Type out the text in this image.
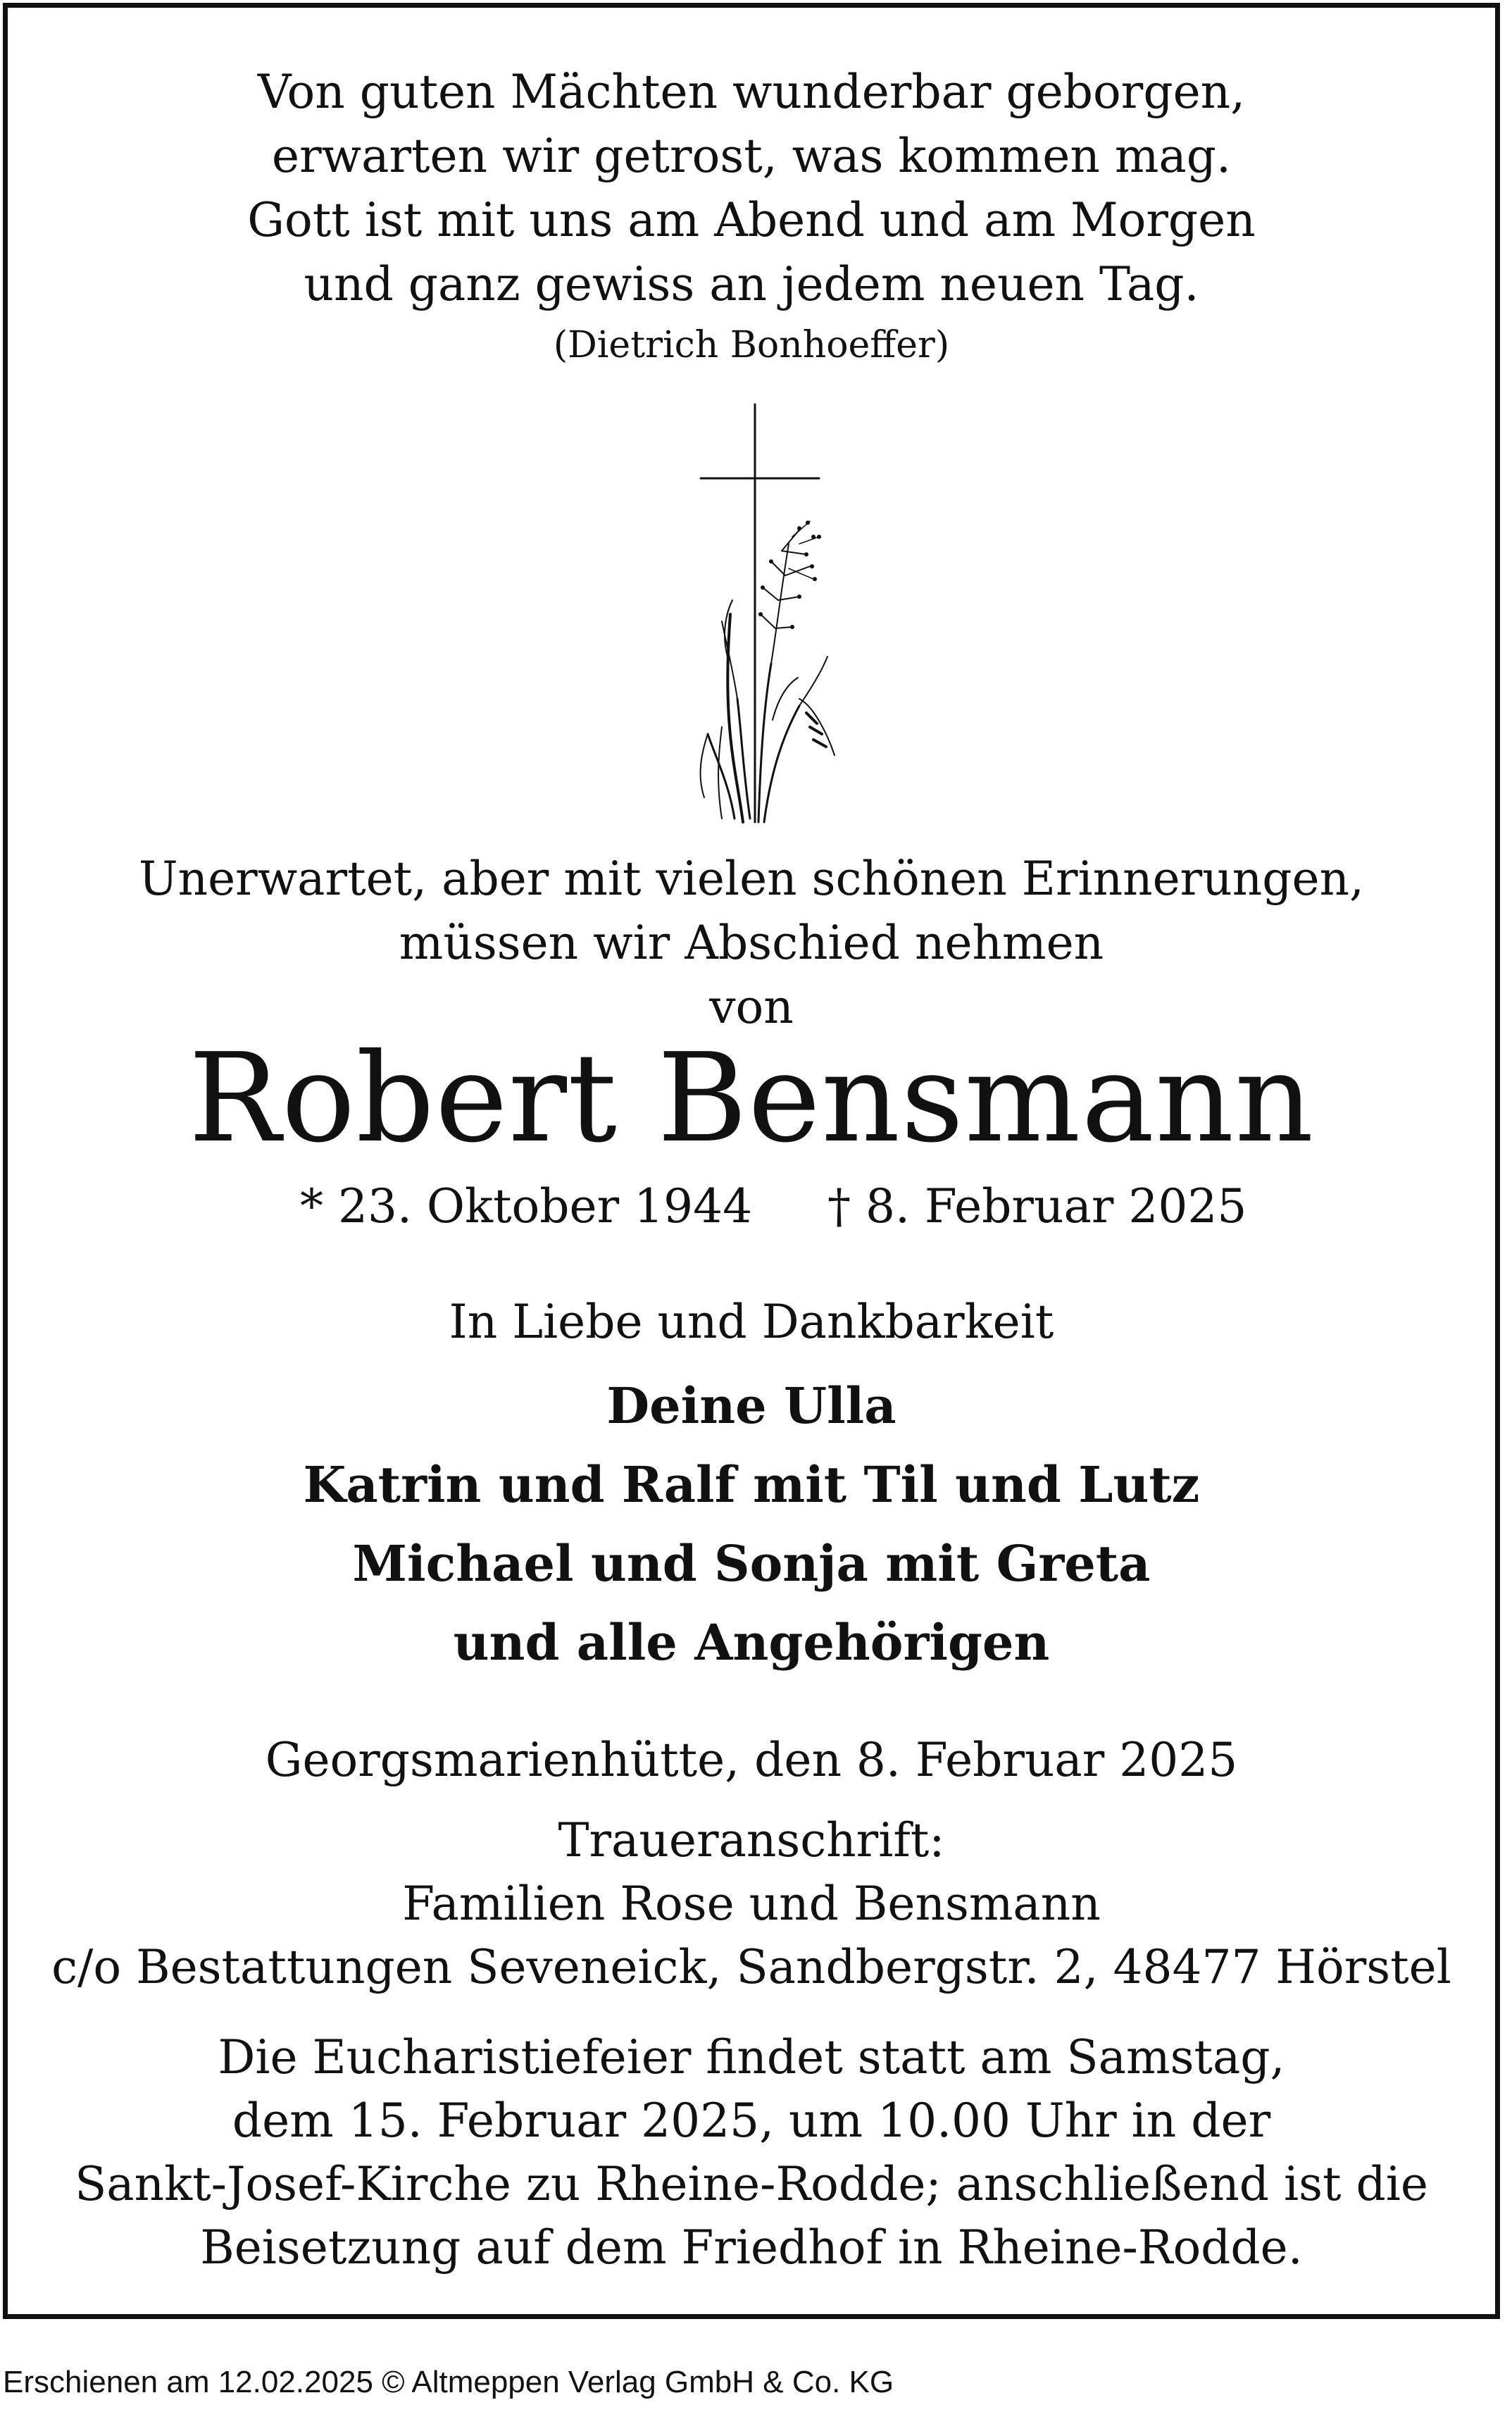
Von guten Mächten wunderbar geborgen,
erwarten wir getrost, was kommen mag.
Gott ist mit uns am Abend und am Morgen
und ganz gewiss an jedem neuen Tag.
(Dietrich Bonhoeffer)
Unerwartet, aber mit vielen schönen Erinnerungen,
müssen wir Abschied nehmen
von
Robert Bensmann
* 23. Oktober 1944 † 8. Februar 2025
In Liebe und Dankbarkeit
Deine Ulla
Katrin und Ralf mit Til und Lutz
Michael und Sonja mit Greta
und alle Angehörigen
Georgsmarienhütte, den 8. Februar 2025
Traueranschrift:
Familien Rose und Bensmann
c/o Bestattungen Seveneick, Sandbergstr. 2, 48477 Hörstel
Die Eucharistiefeier findet statt am Samstag,
dem 15. Februar 2025, um 10.00 Uhr in der
Sankt-Josef-Kirche zu Rheine-Rodde; anschließend ist die
Beisetzung auf dem Friedhof in Rheine-Rodde.
Erschienen am 12.02.2025 © Altmeppen Verlag GmbH & Co. KG
